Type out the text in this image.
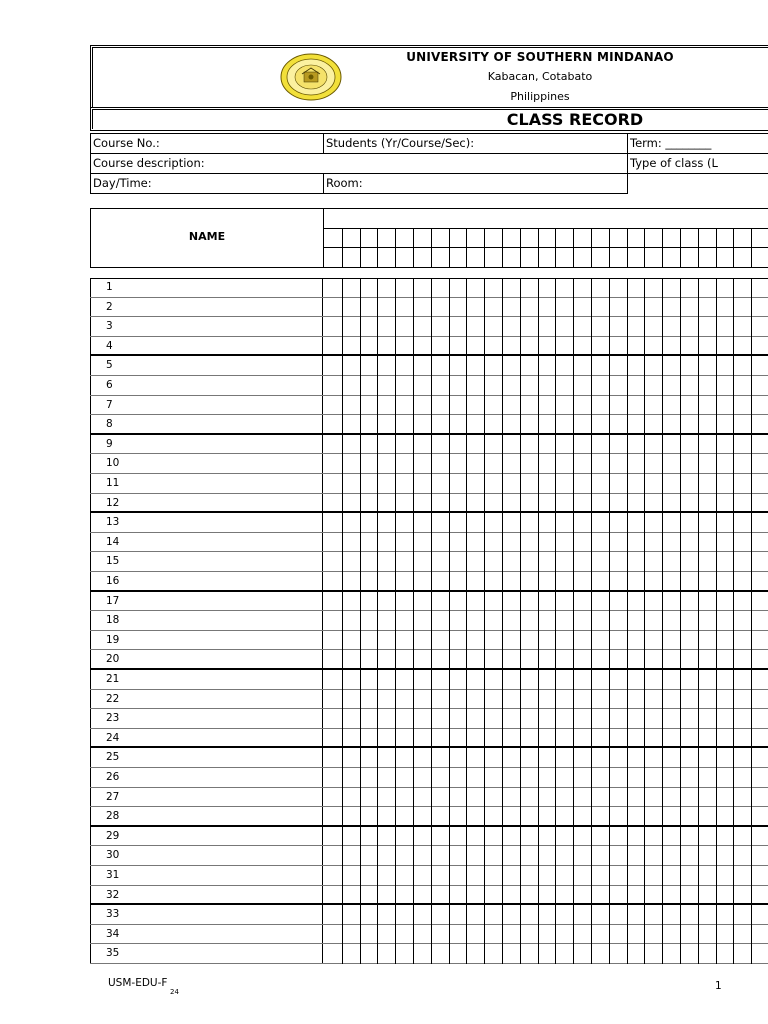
UNIVERSITY OF SOUTHERN MINDANAO
Kabacan, Cotabato
Philippines
CLASS RECORD
Course No.:	Students (Yr/Course/Sec):	Term: ________
Course description:	Type of class (L
Day/Time:	Room:
NAME
1
2
3
4
5
6
7
8
9
10
11
12
13
14
15
16
17
18
19
20
21
22
23
24
25
26
27
28
29
30
31
32
33
34
35
USM-EDU-F
24	1
